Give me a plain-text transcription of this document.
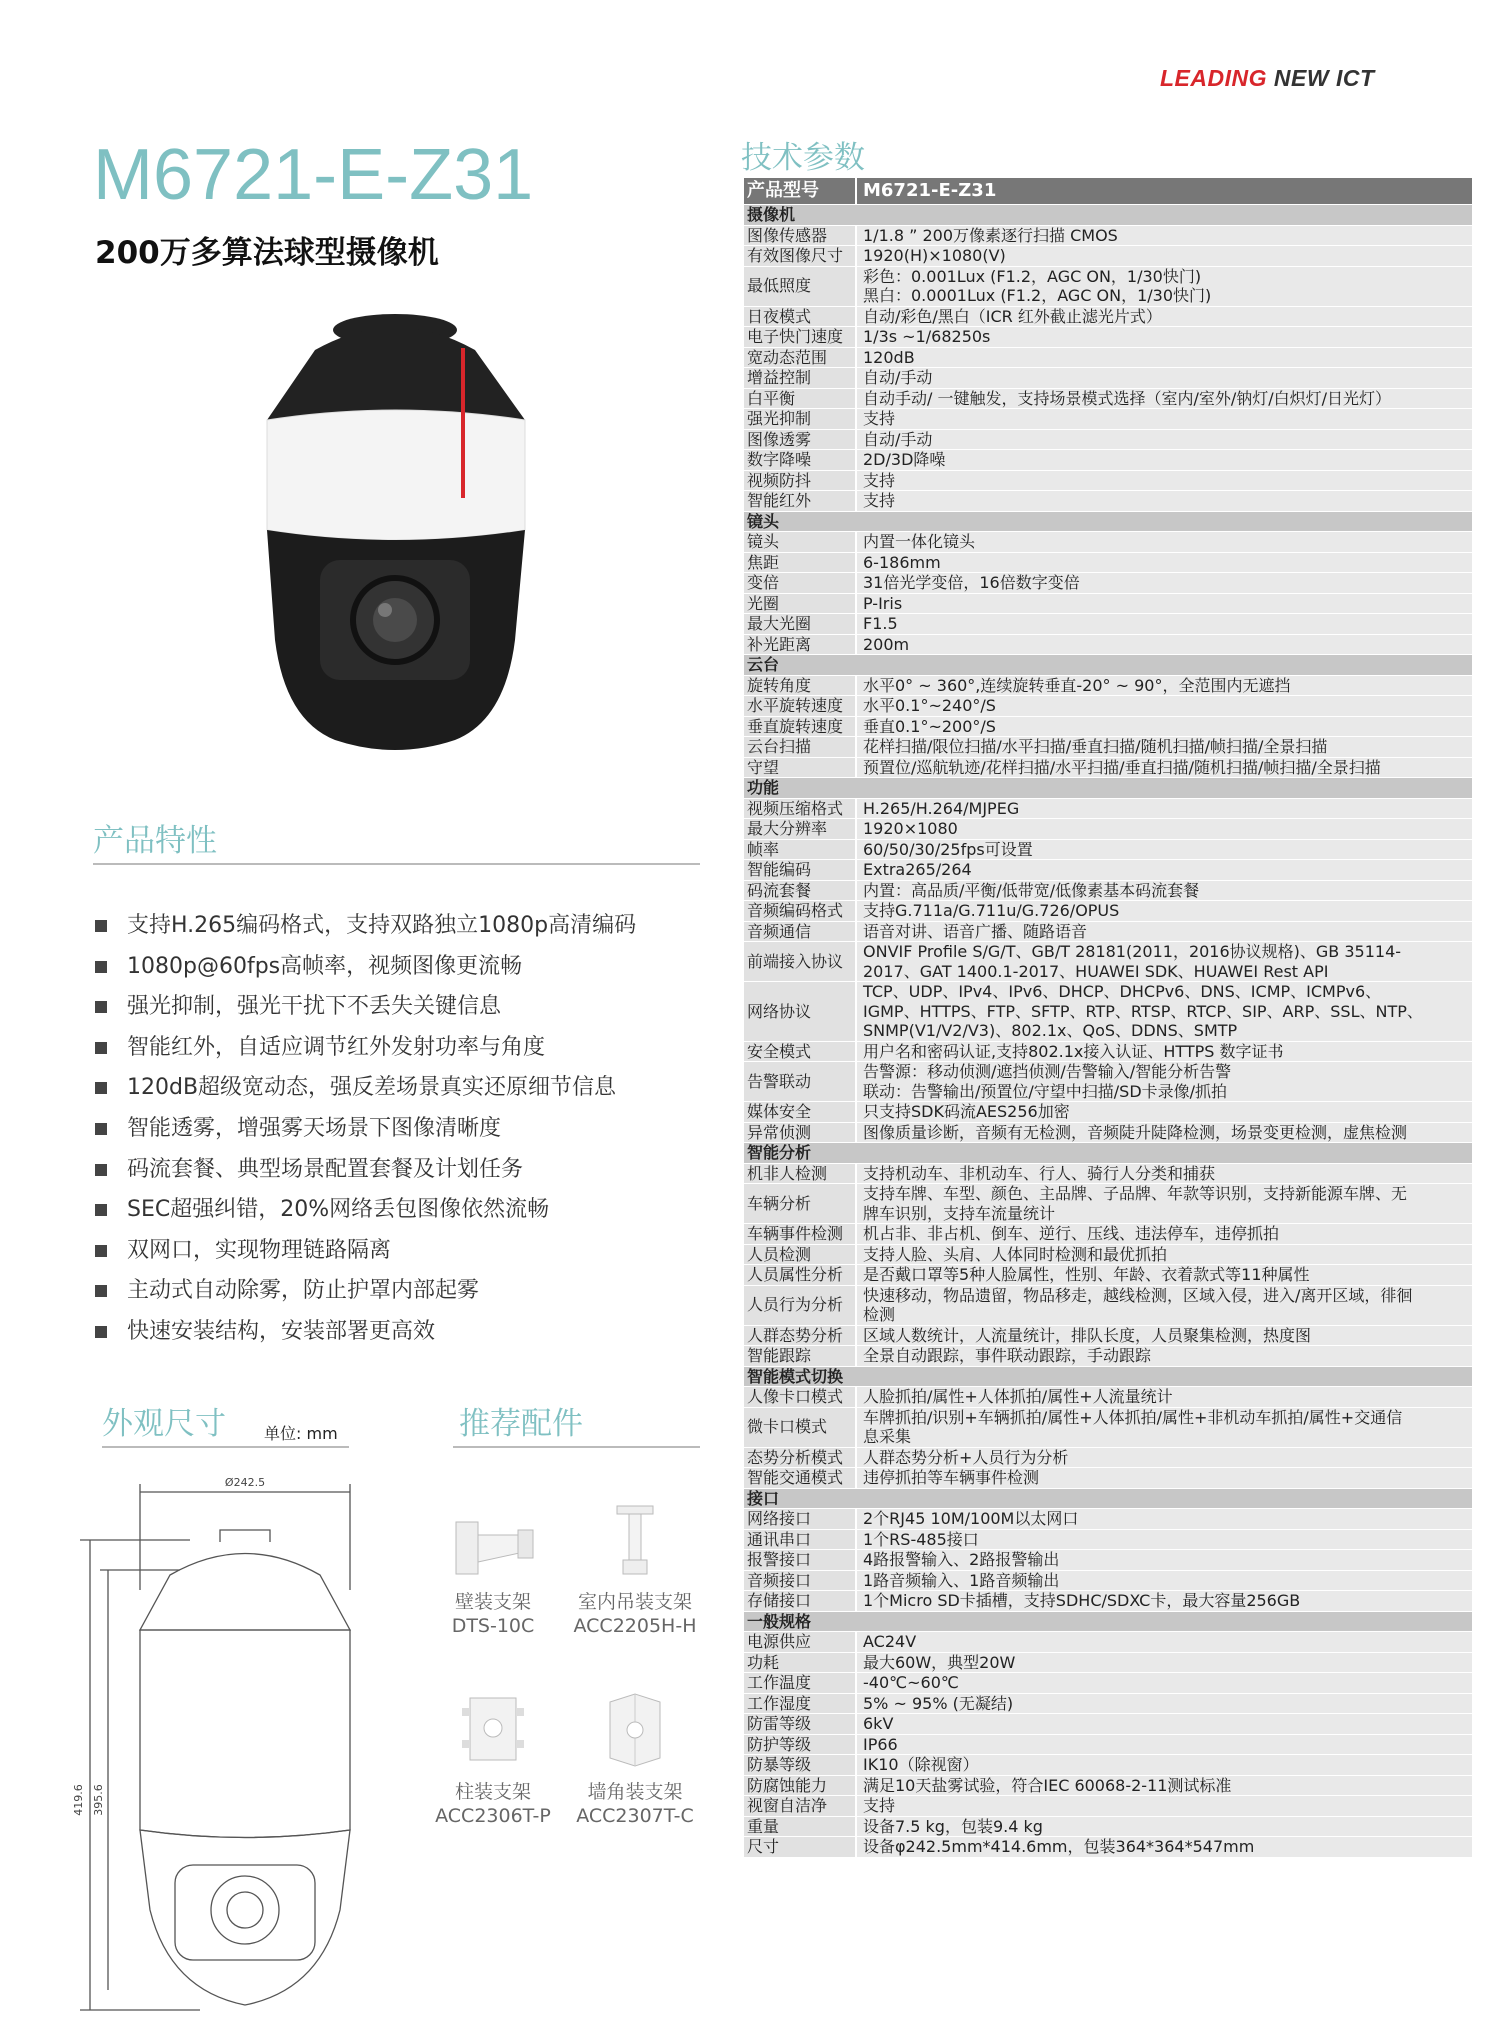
LEADING NEW ICT
M6721-E-Z31
200万多算法球型摄像机
产品特性
支持H.265编码格式，支持双路独立1080p高清编码
1080p@60fps高帧率，视频图像更流畅
强光抑制，强光干扰下不丢失关键信息
智能红外，自适应调节红外发射功率与角度
120dB超级宽动态，强反差场景真实还原细节信息
智能透雾，增强雾天场景下图像清晰度
码流套餐、典型场景配置套餐及计划任务
SEC超强纠错，20%网络丢包图像依然流畅
双网口，实现物理链路隔离
主动式自动除雾，防止护罩内部起雾
快速安装结构，安装部署更高效
外观尺寸 单位: mm
Ø242.5
419.6 395.6
推荐配件
壁装支架
DTS-10C
室内吊装支架
ACC2205H-H
柱装支架
ACC2306T-P
墙角装支架
ACC2307T-C
技术参数
产品型号	M6721-E-Z31
摄像机	
图像传感器	1/1.8 ” 200万像素逐行扫描 CMOS
有效图像尺寸	1920(H)×1080(V)
最低照度	彩色：0.001Lux (F1.2，AGC ON，1/30快门)
黑白：0.0001Lux (F1.2，AGC ON，1/30快门)
日夜模式	自动/彩色/黑白（ICR 红外截止滤光片式）
电子快门速度	1/3s ~1/68250s
宽动态范围	120dB
增益控制	自动/手动
白平衡	自动手动/ 一键触发，支持场景模式选择（室内/室外/钠灯/白炽灯/日光灯）
强光抑制	支持
图像透雾	自动/手动
数字降噪	2D/3D降噪
视频防抖	支持
智能红外	支持
镜头	
镜头	内置一体化镜头
焦距	6-186mm
变倍	31倍光学变倍，16倍数字变倍
光圈	P-Iris
最大光圈	F1.5
补光距离	200m
云台	
旋转角度	水平0° ~ 360°,连续旋转垂直-20° ~ 90°，全范围内无遮挡
水平旋转速度	水平0.1°~240°/S
垂直旋转速度	垂直0.1°~200°/S
云台扫描	花样扫描/限位扫描/水平扫描/垂直扫描/随机扫描/帧扫描/全景扫描
守望	预置位/巡航轨迹/花样扫描/水平扫描/垂直扫描/随机扫描/帧扫描/全景扫描
功能	
视频压缩格式	H.265/H.264/MJPEG
最大分辨率	1920×1080
帧率	60/50/30/25fps可设置
智能编码	Extra265/264
码流套餐	内置：高品质/平衡/低带宽/低像素基本码流套餐
音频编码格式	支持G.711a/G.711u/G.726/OPUS
音频通信	语音对讲、语音广播、随路语音
前端接入协议	ONVIF Profile S/G/T、GB/T 28181(2011，2016协议规格)、GB 35114-
2017、GAT 1400.1-2017、HUAWEI SDK、HUAWEI Rest API
网络协议	TCP、UDP、IPv4、IPv6、DHCP、DHCPv6、DNS、ICMP、ICMPv6、
IGMP、HTTPS、FTP、SFTP、RTP、RTSP、RTCP、SIP、ARP、SSL、NTP、
SNMP(V1/V2/V3)、802.1x、QoS、DDNS、SMTP
安全模式	用户名和密码认证,支持802.1x接入认证、HTTPS 数字证书
告警联动	告警源：移动侦测/遮挡侦测/告警输入/智能分析告警
联动：告警输出/预置位/守望中扫描/SD卡录像/抓拍
媒体安全	只支持SDK码流AES256加密
异常侦测	图像质量诊断，音频有无检测，音频陡升陡降检测，场景变更检测，虚焦检测
智能分析	
机非人检测	支持机动车、非机动车、行人、骑行人分类和捕获
车辆分析	支持车牌、车型、颜色、主品牌、子品牌、年款等识别，支持新能源车牌、无
牌车识别，支持车流量统计
车辆事件检测	机占非、非占机、倒车、逆行、压线、违法停车，违停抓拍
人员检测	支持人脸、头肩、人体同时检测和最优抓拍
人员属性分析	是否戴口罩等5种人脸属性，性别、年龄、衣着款式等11种属性
人员行为分析	快速移动，物品遗留，物品移走，越线检测，区域入侵，进入/离开区域，徘徊
检测
人群态势分析	区域人数统计，人流量统计，排队长度，人员聚集检测，热度图
智能跟踪	全景自动跟踪，事件联动跟踪，手动跟踪
智能模式切换	
人像卡口模式	人脸抓拍/属性+人体抓拍/属性+人流量统计
微卡口模式	车牌抓拍/识别+车辆抓拍/属性+人体抓拍/属性+非机动车抓拍/属性+交通信
息采集
态势分析模式	人群态势分析+人员行为分析
智能交通模式	违停抓拍等车辆事件检测
接口	
网络接口	2个RJ45 10M/100M以太网口
通讯串口	1个RS-485接口
报警接口	4路报警输入、2路报警输出
音频接口	1路音频输入、1路音频输出
存储接口	1个Micro SD卡插槽，支持SDHC/SDXC卡，最大容量256GB
一般规格	
电源供应	AC24V
功耗	最大60W，典型20W
工作温度	-40℃~60℃
工作湿度	5% ~ 95% (无凝结)
防雷等级	6kV
防护等级	IP66
防暴等级	IK10（除视窗）
防腐蚀能力	满足10天盐雾试验，符合IEC 60068-2-11测试标准
视窗自洁净	支持
重量	设备7.5 kg，包装9.4 kg
尺寸	设备φ242.5mm*414.6mm，包装364*364*547mm
